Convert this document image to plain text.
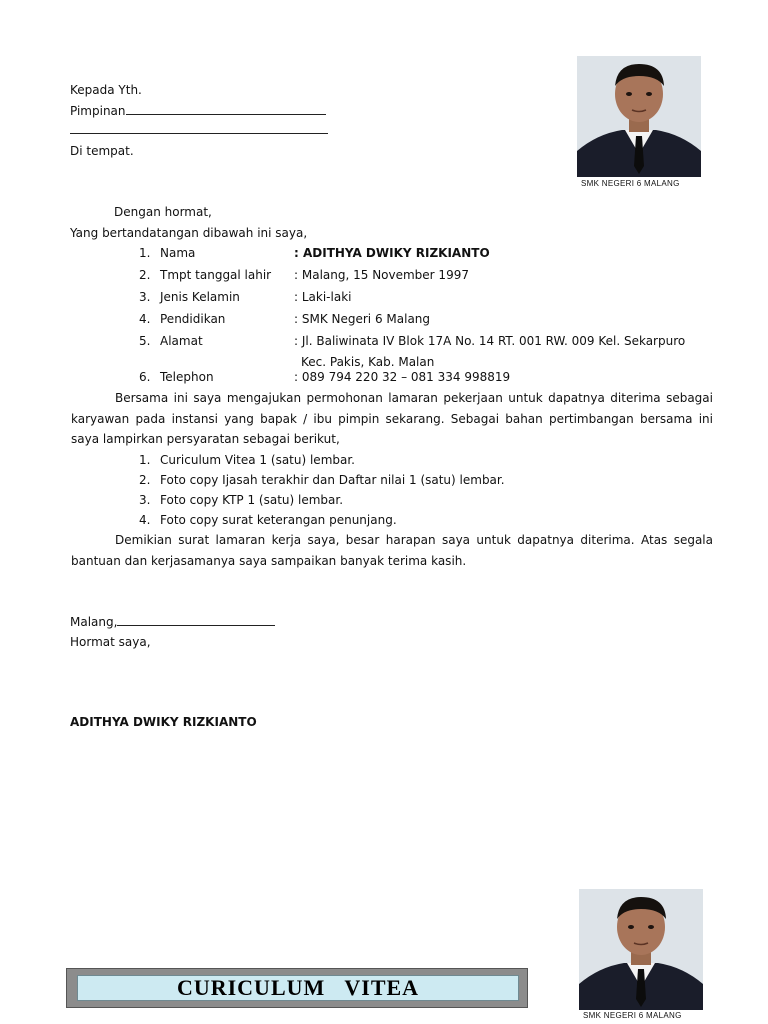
SMK NEGERI 6 MALANG
Kepada Yth.
Pimpinan
Di tempat.
Dengan hormat,
Yang bertandatangan dibawah ini saya,
1. Nama	: ADITHYA DWIKY RIZKIANTO
2. Tmpt tanggal lahir : Malang, 15 November 1997
3. Jenis Kelamin	: Laki-laki
4. Pendidikan	: SMK Negeri 6 Malang
5. Alamat	: Jl. Baliwinata IV Blok 17A No. 14 RT. 001 RW. 009 Kel. Sekarpuro
Kec. Pakis, Kab. Malan
6. Telephon	: 089 794 220 32 – 081 334 998819
Bersama ini saya mengajukan permohonan lamaran pekerjaan untuk dapatnya diterima sebagai karyawan pada instansi yang bapak / ibu pimpin sekarang. Sebagai bahan pertimbangan bersama ini saya lampirkan persyaratan sebagai berikut,
1. Curiculum Vitea 1 (satu) lembar.
2. Foto copy Ijasah terakhir dan Daftar nilai 1 (satu) lembar.
3. Foto copy KTP 1 (satu) lembar.
4. Foto copy surat keterangan penunjang.
Demikian surat lamaran kerja saya, besar harapan saya untuk dapatnya diterima. Atas segala bantuan dan kerjasamanya saya sampaikan banyak terima kasih.
Malang,
Hormat saya,
ADITHYA DWIKY RIZKIANTO
SMK NEGERI 6 MALANG
CURICULUM   VITEA
